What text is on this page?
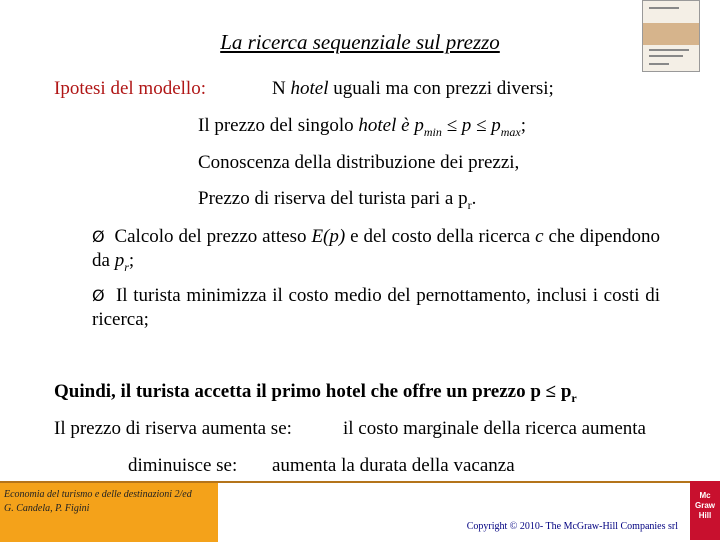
La ricerca sequenziale sul prezzo
Ipotesi del modello:	N hotel uguali ma con prezzi diversi;
Il prezzo del singolo hotel è $p_{min} \le p \le p_{max}$;
Conoscenza della distribuzione dei prezzi,
Prezzo di riserva del turista pari a $p_r$.
Ø Calcolo del prezzo atteso E(p) e del costo della ricerca c che dipendono da $p_r$;
Ø Il turista minimizza il costo medio del pernottamento, inclusi i costi di ricerca;
Quindi, il turista accetta il primo hotel che offre un prezzo $p \le p_r$
Il prezzo di riserva aumenta se:	il costo marginale della ricerca aumenta
diminuisce se: aumenta la durata della vacanza
Economia del turismo e delle destinazioni 2/ed
G. Candela, P. Figini
Copyright © 2010- The McGraw-Hill Companies srl
Mc
Graw
Hill
